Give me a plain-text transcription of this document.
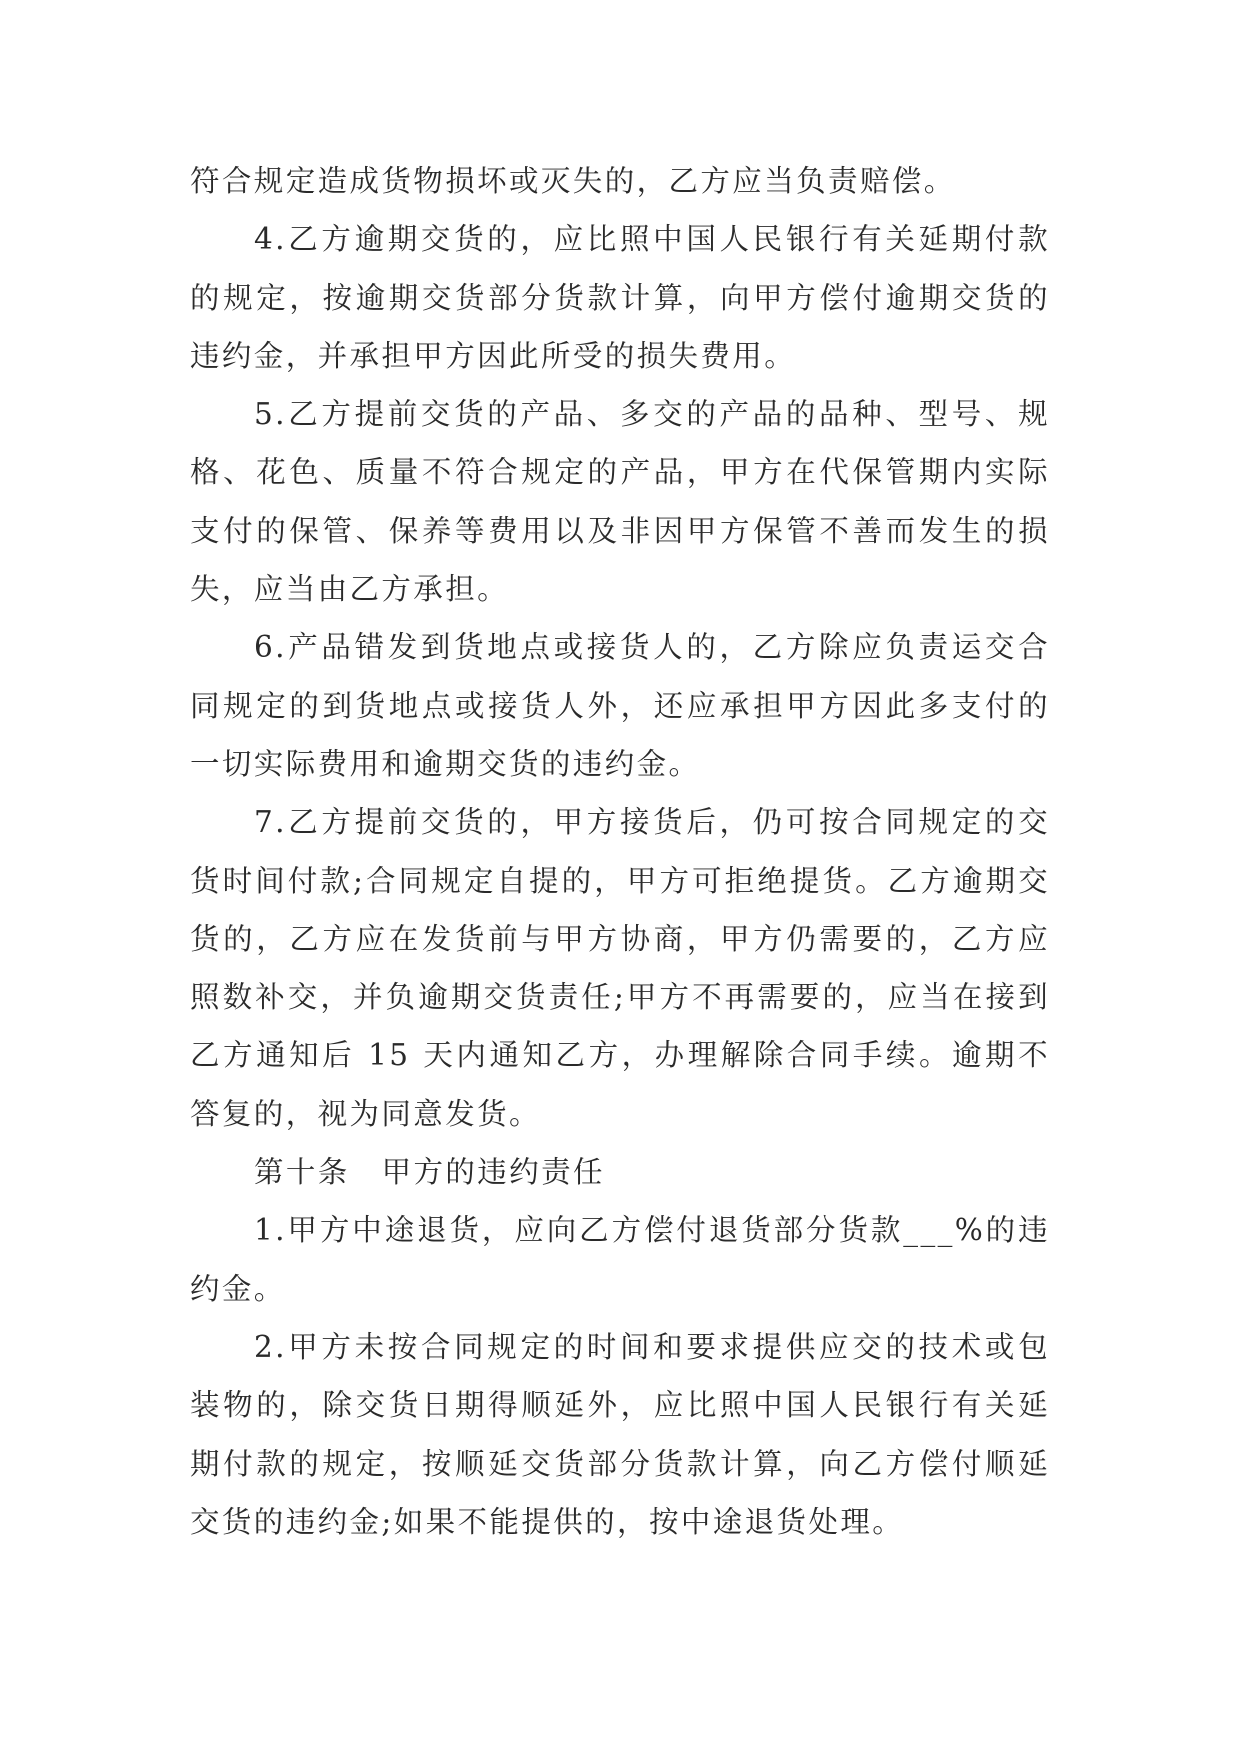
符合规定造成货物损坏或灭失的，乙方应当负责赔偿。

4.乙方逾期交货的，应比照中国人民银行有关延期付款的规定，按逾期交货部分货款计算，向甲方偿付逾期交货的违约金，并承担甲方因此所受的损失费用。

5.乙方提前交货的产品、多交的产品的品种、型号、规格、花色、质量不符合规定的产品，甲方在代保管期内实际支付的保管、保养等费用以及非因甲方保管不善而发生的损失，应当由乙方承担。

6.产品错发到货地点或接货人的，乙方除应负责运交合同规定的到货地点或接货人外，还应承担甲方因此多支付的一切实际费用和逾期交货的违约金。

7.乙方提前交货的，甲方接货后，仍可按合同规定的交货时间付款;合同规定自提的，甲方可拒绝提货。乙方逾期交货的，乙方应在发货前与甲方协商，甲方仍需要的，乙方应照数补交，并负逾期交货责任;甲方不再需要的，应当在接到乙方通知后 15 天内通知乙方，办理解除合同手续。逾期不答复的，视为同意发货。

第十条　甲方的违约责任

1.甲方中途退货，应向乙方偿付退货部分货款___%的违约金。

2.甲方未按合同规定的时间和要求提供应交的技术或包装物的，除交货日期得顺延外，应比照中国人民银行有关延期付款的规定，按顺延交货部分货款计算，向乙方偿付顺延交货的违约金;如果不能提供的，按中途退货处理。
